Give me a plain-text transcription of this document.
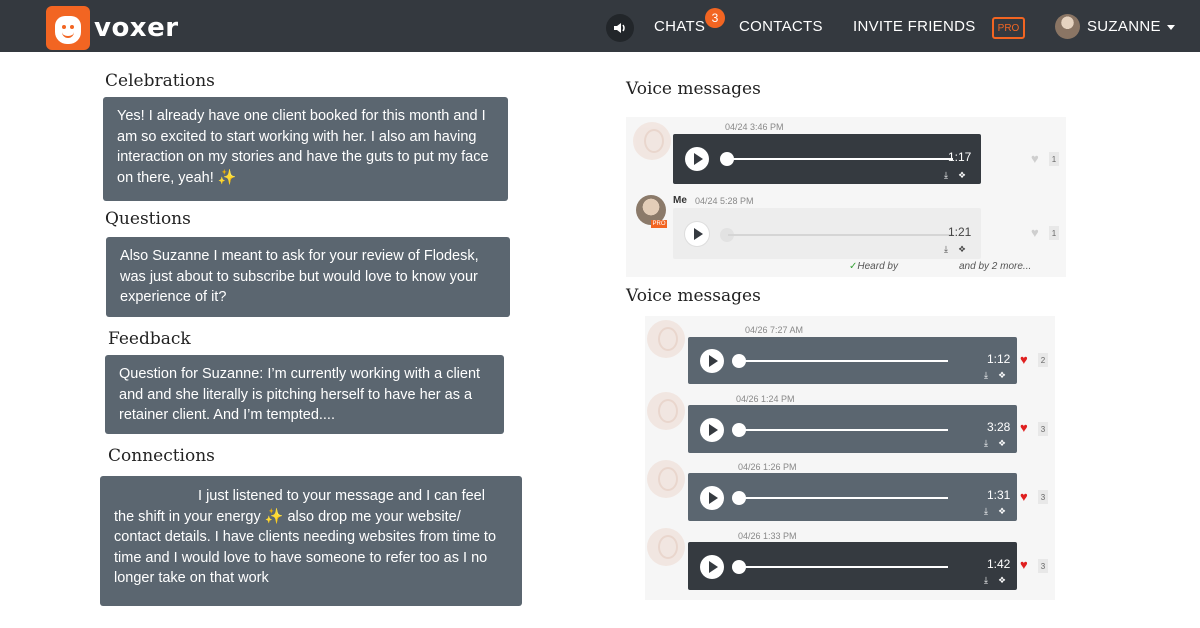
voxer	CHATS 3	CONTACTS INVITE FRIENDS	PRO	SUZANNE
Celebrations
Yes! I already have one client booked for this month and I am so excited to start working with her. I also am having interaction on my stories and have the guts to put my face on there, yeah! ✨
Questions
Also Suzanne I meant to ask for your review of Flodesk, was just about to subscribe but would love to know your experience of it?
Feedback
Question for Suzanne: I’m currently working with a client and and she literally is pitching herself to have her as a retainer client. And I’m tempted....
Connections
I just listened to your message and I can feel the shift in your energy ✨ also drop me your website/ contact details. I have clients needing websites from time to time and I would love to have someone to refer too as I no longer take on that work
Voice messages
04/24 3:46 PM
1:17
⤓ ❖
♥	1
PRO
Me 04/24 5:28 PM
1:21
⤓ ❖
♥	1
✓Heard by	and by 2 more...
Voice messages
04/26 7:27 AM
1:12
⤓ ❖
♥	2
04/26 1:24 PM
3:28
⤓ ❖
♥	3
04/26 1:26 PM
1:31
⤓ ❖
♥	3
04/26 1:33 PM
1:42
⤓ ❖
♥	3
